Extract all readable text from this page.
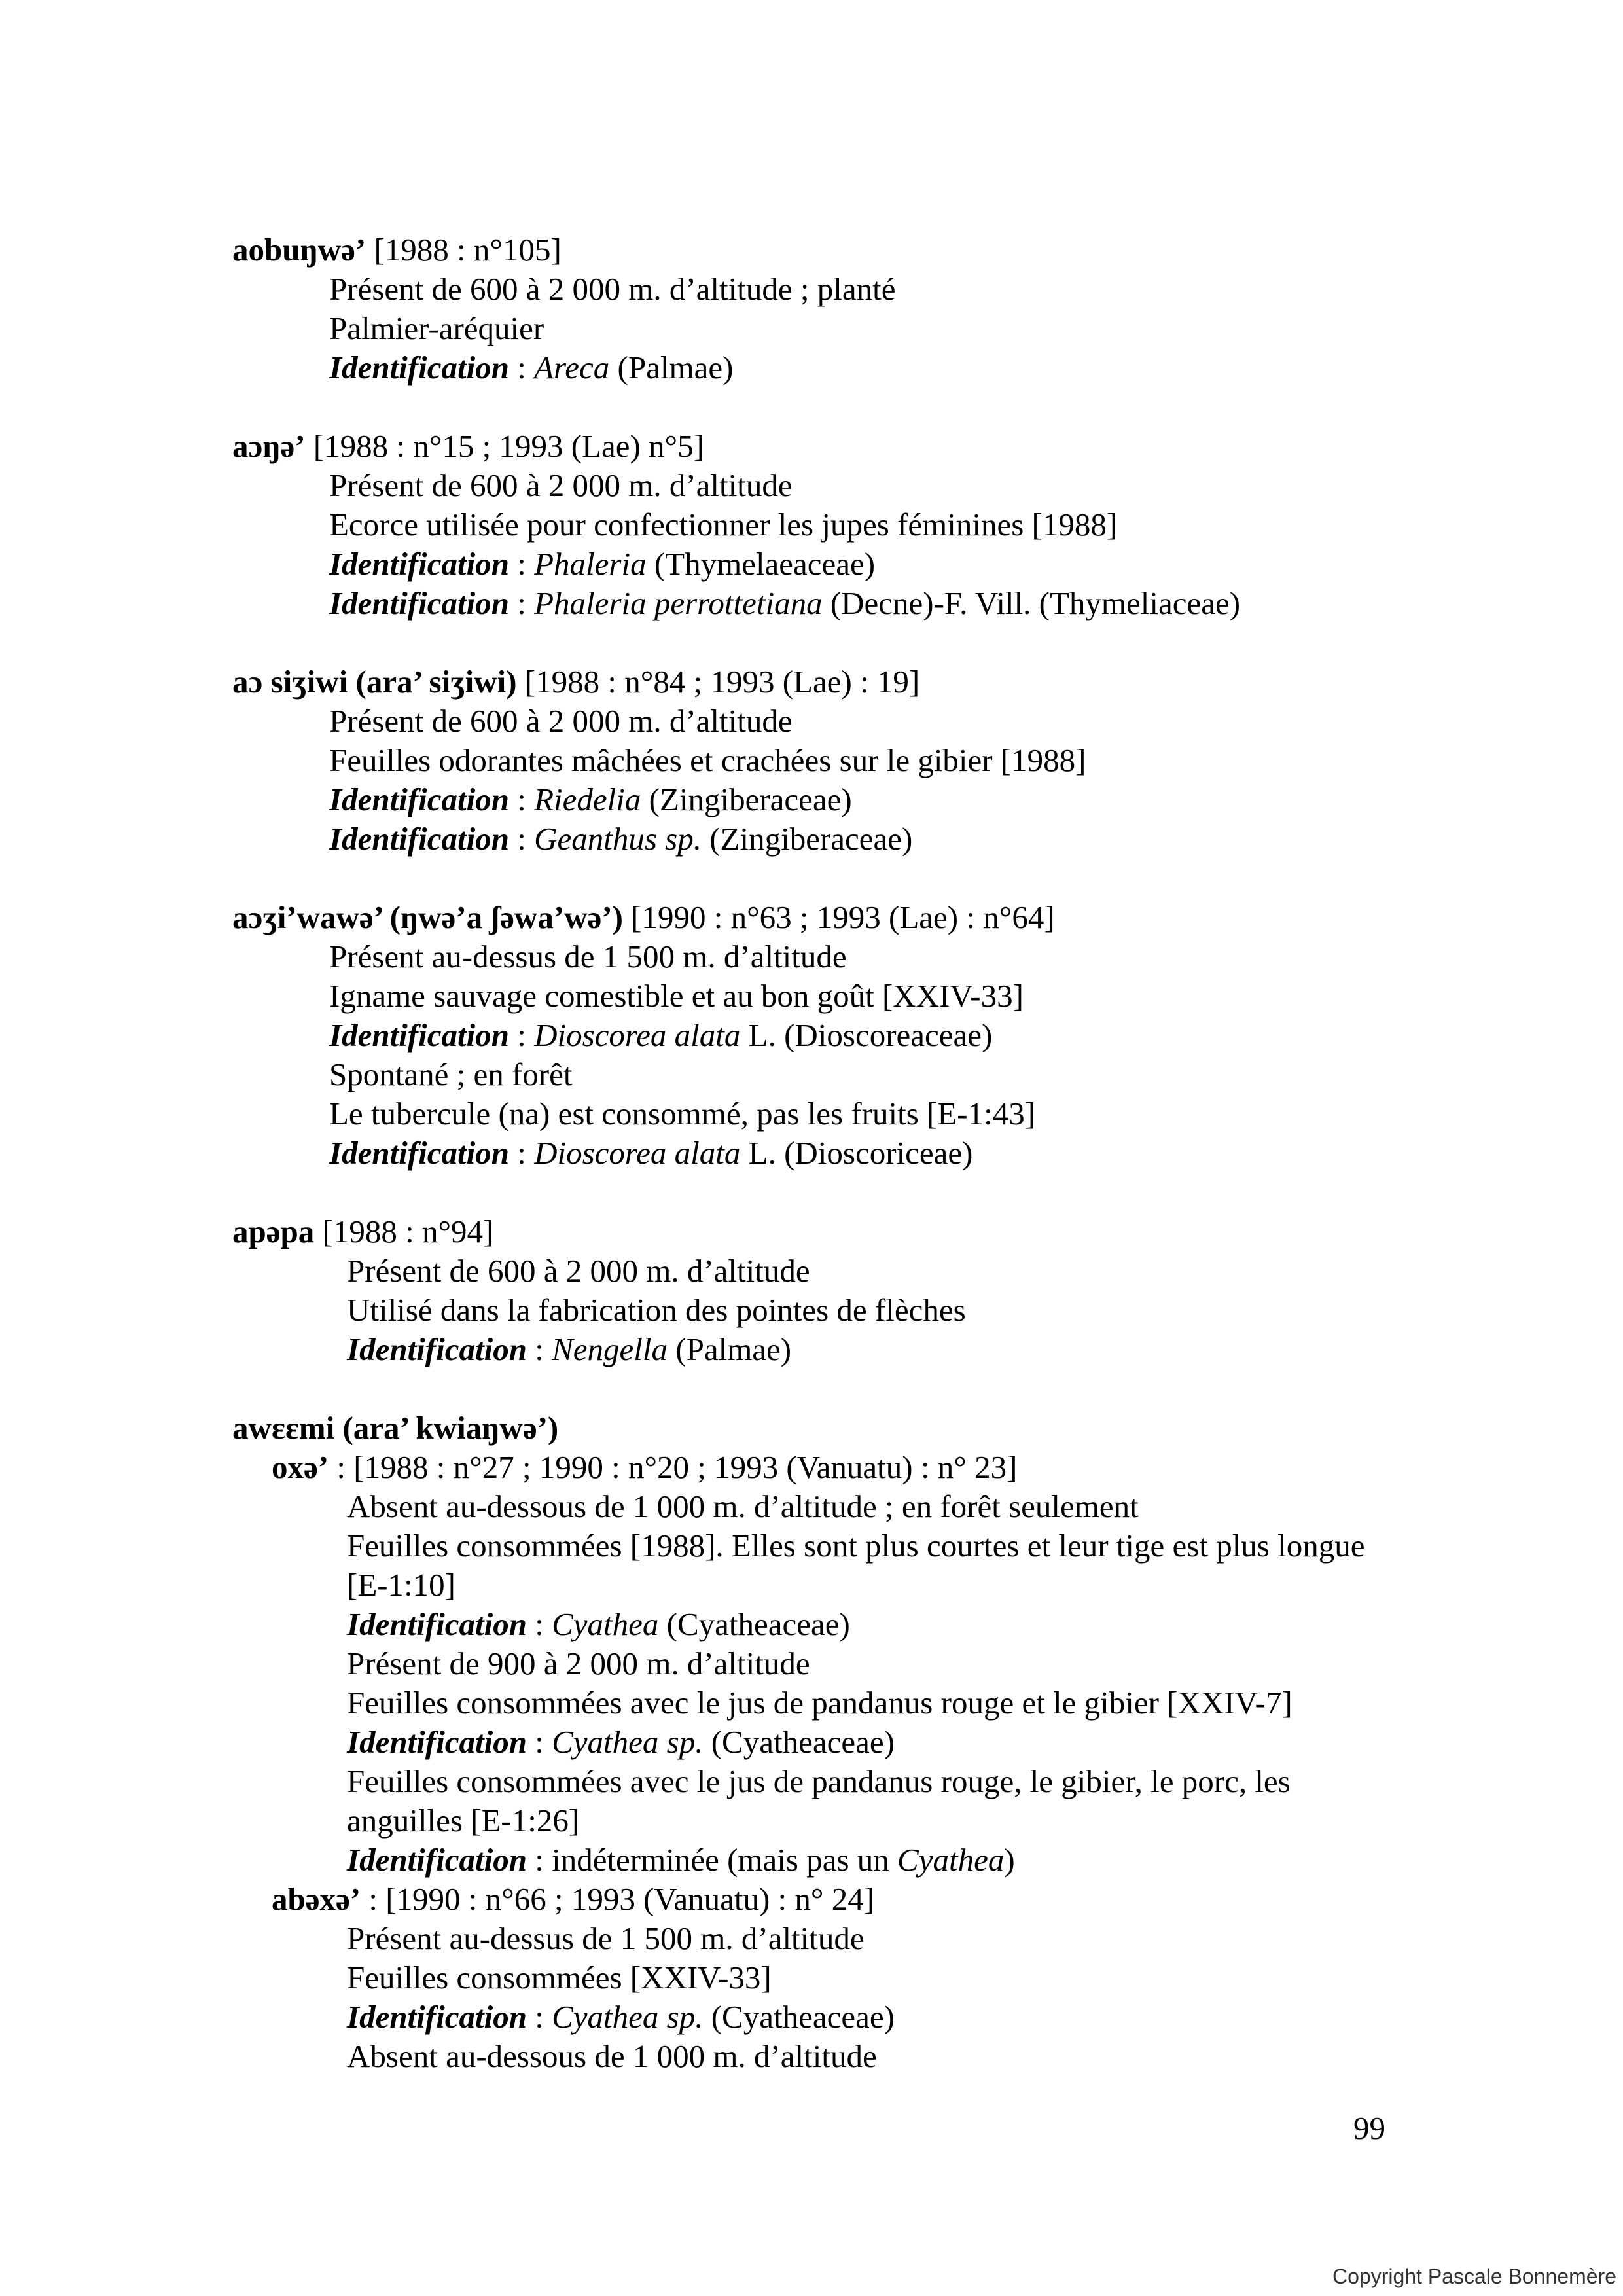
aobuŋwə’ [1988 : n°105]
Présent de 600 à 2 000 m. d’altitude ; planté
Palmier-aréquier
Identification : Areca (Palmae)
aɔŋə’ [1988 : n°15 ; 1993 (Lae) n°5]
Présent de 600 à 2 000 m. d’altitude
Ecorce utilisée pour confectionner les jupes féminines [1988]
Identification : Phaleria (Thymelaeaceae)
Identification : Phaleria perrottetiana (Decne)-F. Vill. (Thymeliaceae)
aɔ siʒiwi (ara’ siʒiwi) [1988 : n°84 ; 1993 (Lae) : 19]
Présent de 600 à 2 000 m. d’altitude
Feuilles odorantes mâchées et crachées sur le gibier [1988]
Identification : Riedelia (Zingiberaceae)
Identification : Geanthus sp. (Zingiberaceae)
aɔʒi’wawə’ (ŋwə’a ʃəwa’wə’) [1990 : n°63 ; 1993 (Lae) : n°64]
Présent au-dessus de 1 500 m. d’altitude
Igname sauvage comestible et au bon goût [XXIV-33]
Identification : Dioscorea alata L. (Dioscoreaceae)
Spontané ; en forêt
Le tubercule (na) est consommé, pas les fruits [E-1:43]
Identification : Dioscorea alata L. (Dioscoriceae)
apəpa [1988 : n°94]
Présent de 600 à 2 000 m. d’altitude
Utilisé dans la fabrication des pointes de flèches
Identification : Nengella (Palmae)
awɛɛmi (ara’ kwiaŋwə’)
oxə’ : [1988 : n°27 ; 1990 : n°20 ; 1993 (Vanuatu) : n° 23]
Absent au-dessous de 1 000 m. d’altitude ; en forêt seulement
Feuilles consommées [1988]. Elles sont plus courtes et leur tige est plus longue
[E-1:10]
Identification : Cyathea (Cyatheaceae)
Présent de 900 à 2 000 m. d’altitude
Feuilles consommées avec le jus de pandanus rouge et le gibier [XXIV-7]
Identification : Cyathea sp. (Cyatheaceae)
Feuilles consommées avec le jus de pandanus rouge, le gibier, le porc, les
anguilles [E-1:26]
Identification : indéterminée (mais pas un Cyathea)
abəxə’ : [1990 : n°66 ; 1993 (Vanuatu) : n° 24]
Présent au-dessus de 1 500 m. d’altitude
Feuilles consommées [XXIV-33]
Identification : Cyathea sp. (Cyatheaceae)
Absent au-dessous de 1 000 m. d’altitude
99
Copyright Pascale Bonnemère
